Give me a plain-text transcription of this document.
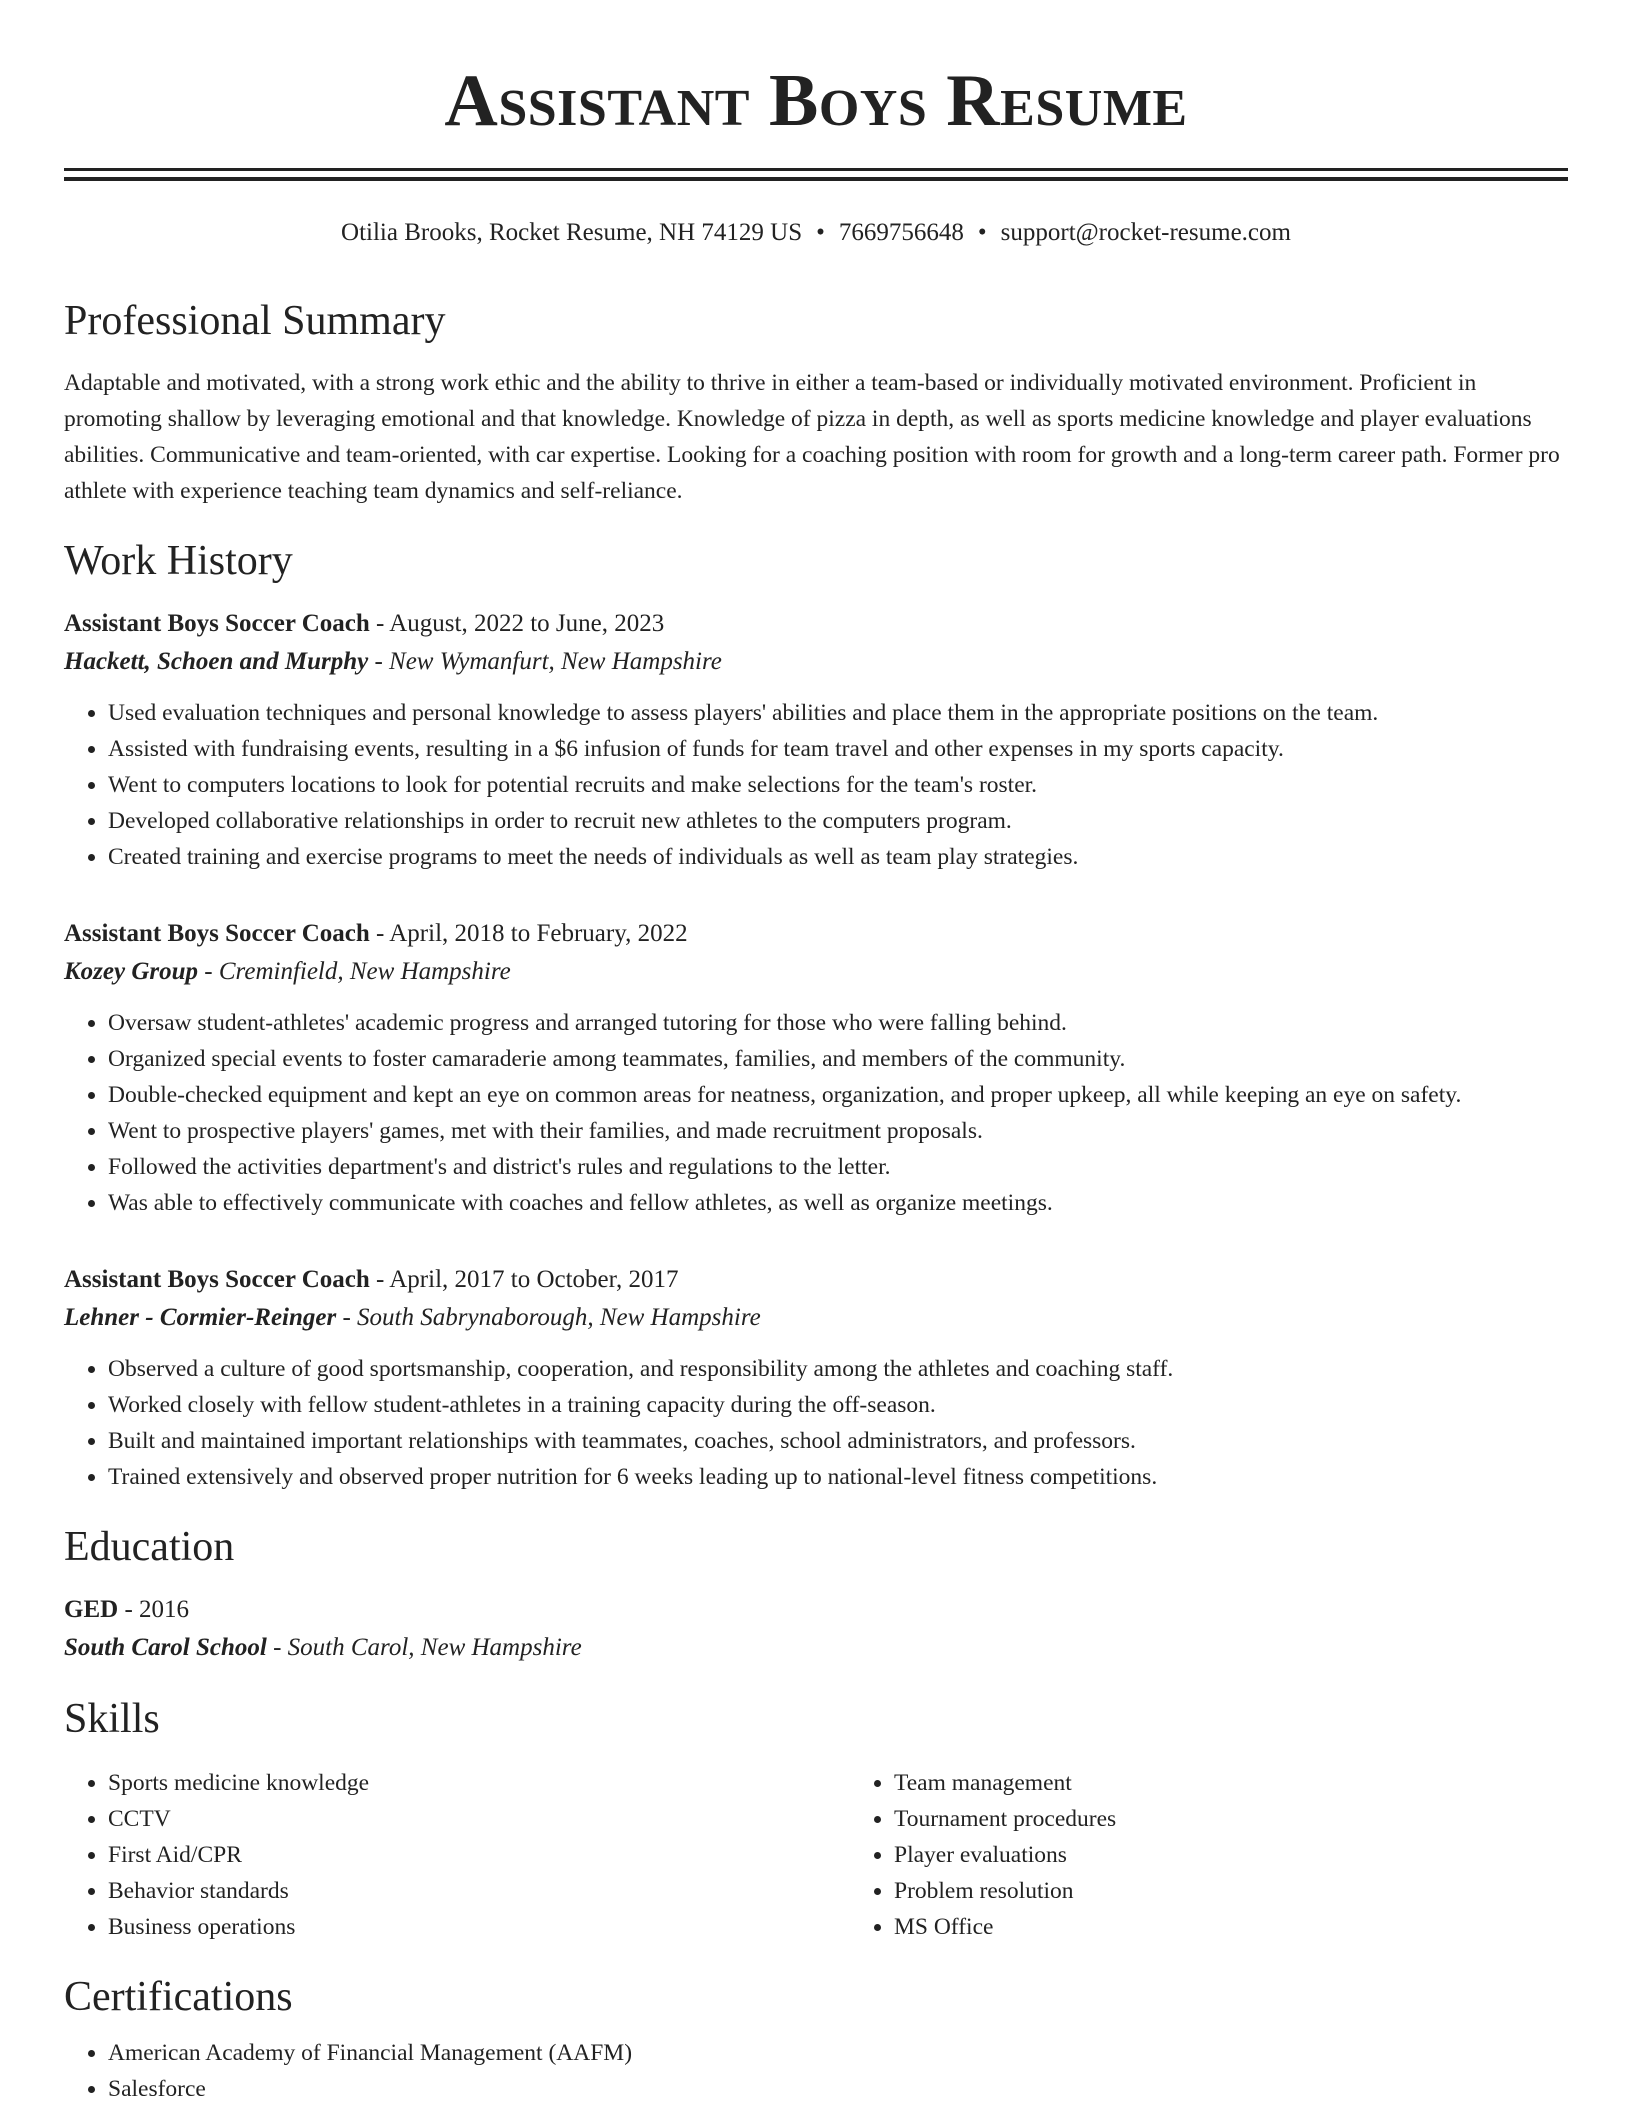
Assistant Boys Resume
Otilia Brooks, Rocket Resume, NH 74129 US • 7669756648 • support@rocket-resume.com
Professional Summary
Adaptable and motivated, with a strong work ethic and the ability to thrive in either a team-based or individually motivated environment. Proficient in promoting shallow by leveraging emotional and that knowledge. Knowledge of pizza in depth, as well as sports medicine knowledge and player evaluations abilities. Communicative and team-oriented, with car expertise. Looking for a coaching position with room for growth and a long-term career path. Former pro athlete with experience teaching team dynamics and self-reliance.
Work History
Assistant Boys Soccer Coach - August, 2022 to June, 2023
Hackett, Schoen and Murphy - New Wymanfurt, New Hampshire
• Used evaluation techniques and personal knowledge to assess players' abilities and place them in the appropriate positions on the team.
• Assisted with fundraising events, resulting in a $6 infusion of funds for team travel and other expenses in my sports capacity.
• Went to computers locations to look for potential recruits and make selections for the team's roster.
• Developed collaborative relationships in order to recruit new athletes to the computers program.
• Created training and exercise programs to meet the needs of individuals as well as team play strategies.
Assistant Boys Soccer Coach - April, 2018 to February, 2022
Kozey Group - Creminfield, New Hampshire
• Oversaw student-athletes' academic progress and arranged tutoring for those who were falling behind.
• Organized special events to foster camaraderie among teammates, families, and members of the community.
• Double-checked equipment and kept an eye on common areas for neatness, organization, and proper upkeep, all while keeping an eye on safety.
• Went to prospective players' games, met with their families, and made recruitment proposals.
• Followed the activities department's and district's rules and regulations to the letter.
• Was able to effectively communicate with coaches and fellow athletes, as well as organize meetings.
Assistant Boys Soccer Coach - April, 2017 to October, 2017
Lehner - Cormier-Reinger - South Sabrynaborough, New Hampshire
• Observed a culture of good sportsmanship, cooperation, and responsibility among the athletes and coaching staff.
• Worked closely with fellow student-athletes in a training capacity during the off-season.
• Built and maintained important relationships with teammates, coaches, school administrators, and professors.
• Trained extensively and observed proper nutrition for 6 weeks leading up to national-level fitness competitions.
Education
GED - 2016
South Carol School - South Carol, New Hampshire
Skills
• Sports medicine knowledge
• CCTV
• First Aid/CPR
• Behavior standards
• Business operations
• Team management
• Tournament procedures
• Player evaluations
• Problem resolution
• MS Office
Certifications
• American Academy of Financial Management (AAFM)
• Salesforce
